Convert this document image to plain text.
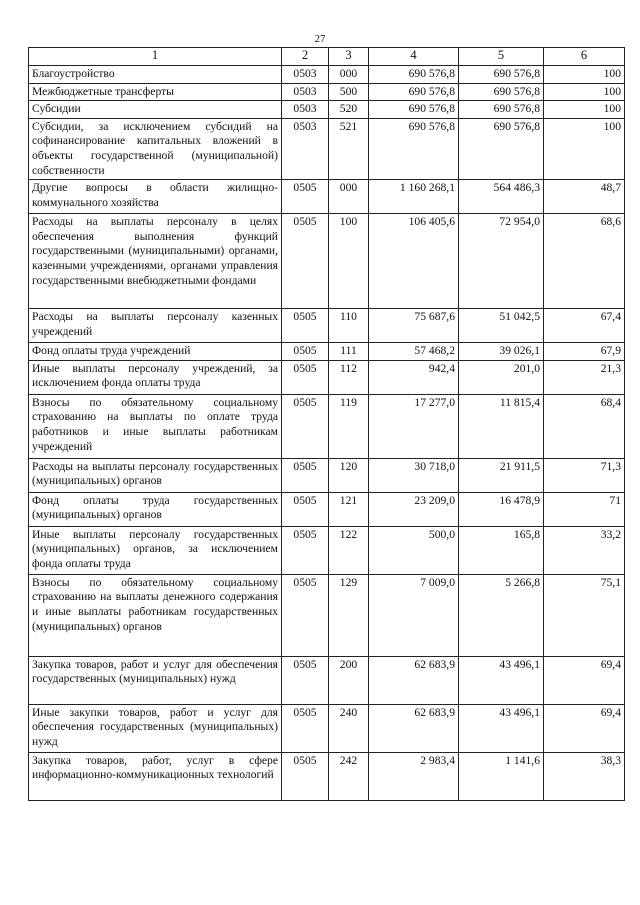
27
1	2	3	4	5	6
Благоустройство	0503	000	690 576,8	690 576,8	100
Межбюджетные трансферты	0503	500	690 576,8	690 576,8	100
Субсидии	0503	520	690 576,8	690 576,8	100
Субсидии, за исключением субсидий на софинансирование капитальных вложений в объекты государственной (муниципальной) собственности	0503	521	690 576,8	690 576,8	100
Другие вопросы в области жилищно-коммунального хозяйства	0505	000	1 160 268,1	564 486,3	48,7
Расходы на выплаты персоналу в целях обеспечения выполнения функций государственными (муниципальными) органами, казенными учреждениями, органами управления государственными внебюджетными фондами	0505	100	106 405,6	72 954,0	68,6
Расходы на выплаты персоналу казенных учреждений	0505	110	75 687,6	51 042,5	67,4
Фонд оплаты труда учреждений	0505	111	57 468,2	39 026,1	67,9
Иные выплаты персоналу учреждений, за исключением фонда оплаты труда	0505	112	942,4	201,0	21,3
Взносы по обязательному социальному страхованию на выплаты по оплате труда работников и иные выплаты работникам учреждений	0505	119	17 277,0	11 815,4	68,4
Расходы на выплаты персоналу государственных (муниципальных) органов	0505	120	30 718,0	21 911,5	71,3
Фонд оплаты труда государственных (муниципальных) органов	0505	121	23 209,0	16 478,9	71
Иные выплаты персоналу государственных (муниципальных) органов, за исключением фонда оплаты труда	0505	122	500,0	165,8	33,2
Взносы по обязательному социальному страхованию на выплаты денежного содержания и иные выплаты работникам государственных (муниципальных) органов	0505	129	7 009,0	5 266,8	75,1
Закупка товаров, работ и услуг для обеспечения государственных (муниципальных) нужд	0505	200	62 683,9	43 496,1	69,4
Иные закупки товаров, работ и услуг для обеспечения государственных (муниципальных) нужд	0505	240	62 683,9	43 496,1	69,4
Закупка товаров, работ, услуг в сфере информационно-коммуникационных технологий	0505	242	2 983,4	1 141,6	38,3
